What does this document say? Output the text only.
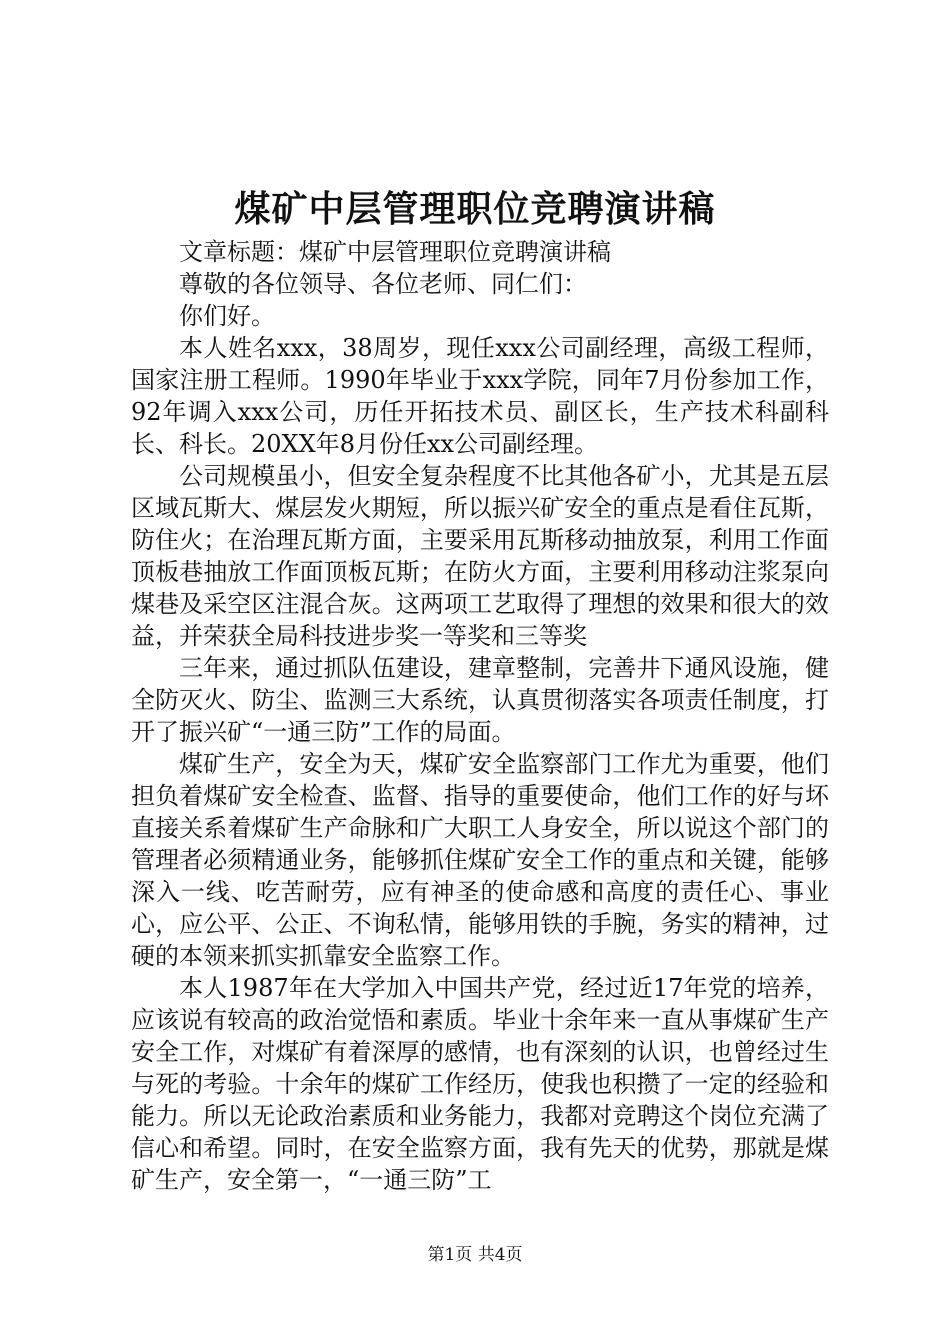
煤矿中层管理职位竞聘演讲稿

文章标题：煤矿中层管理职位竞聘演讲稿

尊敬的各位领导、各位老师、同仁们：

你们好。

本人姓名xxx，38周岁，现任xxx公司副经理，高级工程师，国家注册工程师。1990年毕业于xxx学院，同年7月份参加工作，92年调入xxx公司，历任开拓技术员、副区长，生产技术科副科长、科长。20XX年8月份任xx公司副经理。

公司规模虽小，但安全复杂程度不比其他各矿小，尤其是五层区域瓦斯大、煤层发火期短，所以振兴矿安全的重点是看住瓦斯，防住火；在治理瓦斯方面，主要采用瓦斯移动抽放泵，利用工作面顶板巷抽放工作面顶板瓦斯；在防火方面，主要利用移动注浆泵向煤巷及采空区注混合灰。这两项工艺取得了理想的效果和很大的效益，并荣获全局科技进步奖一等奖和三等奖

三年来，通过抓队伍建设，建章整制，完善井下通风设施，健全防灭火、防尘、监测三大系统，认真贯彻落实各项责任制度，打开了振兴矿“一通三防”工作的局面。

煤矿生产，安全为天，煤矿安全监察部门工作尤为重要，他们担负着煤矿安全检查、监督、指导的重要使命，他们工作的好与坏直接关系着煤矿生产命脉和广大职工人身安全，所以说这个部门的管理者必须精通业务，能够抓住煤矿安全工作的重点和关键，能够深入一线、吃苦耐劳，应有神圣的使命感和高度的责任心、事业心，应公平、公正、不询私情，能够用铁的手腕，务实的精神，过硬的本领来抓实抓靠安全监察工作。

本人1987年在大学加入中国共产党，经过近17年党的培养，应该说有较高的政治觉悟和素质。毕业十余年来一直从事煤矿生产安全工作，对煤矿有着深厚的感情，也有深刻的认识，也曾经过生与死的考验。十余年的煤矿工作经历，使我也积攒了一定的经验和能力。所以无论政治素质和业务能力，我都对竞聘这个岗位充满了信心和希望。同时，在安全监察方面，我有先天的优势，那就是煤矿生产，安全第一，“一通三防”工

第1页 共4页
